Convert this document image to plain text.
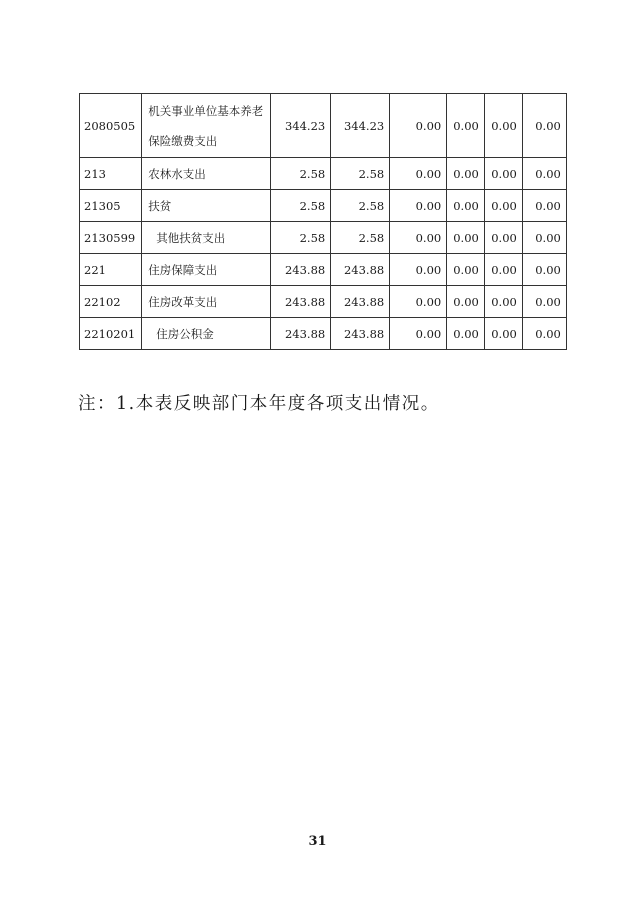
2080505	机关事业单位基本养老保险缴费支出	344.23	344.23	0.00	0.00	0.00	0.00
213	农林水支出	2.58	2.58	0.00	0.00	0.00	0.00
21305	扶贫	2.58	2.58	0.00	0.00	0.00	0.00
2130599	其他扶贫支出	2.58	2.58	0.00	0.00	0.00	0.00
221	住房保障支出	243.88	243.88	0.00	0.00	0.00	0.00
22102	住房改革支出	243.88	243.88	0.00	0.00	0.00	0.00
2210201	住房公积金	243.88	243.88	0.00	0.00	0.00	0.00
注：1.本表反映部门本年度各项支出情况。
31
